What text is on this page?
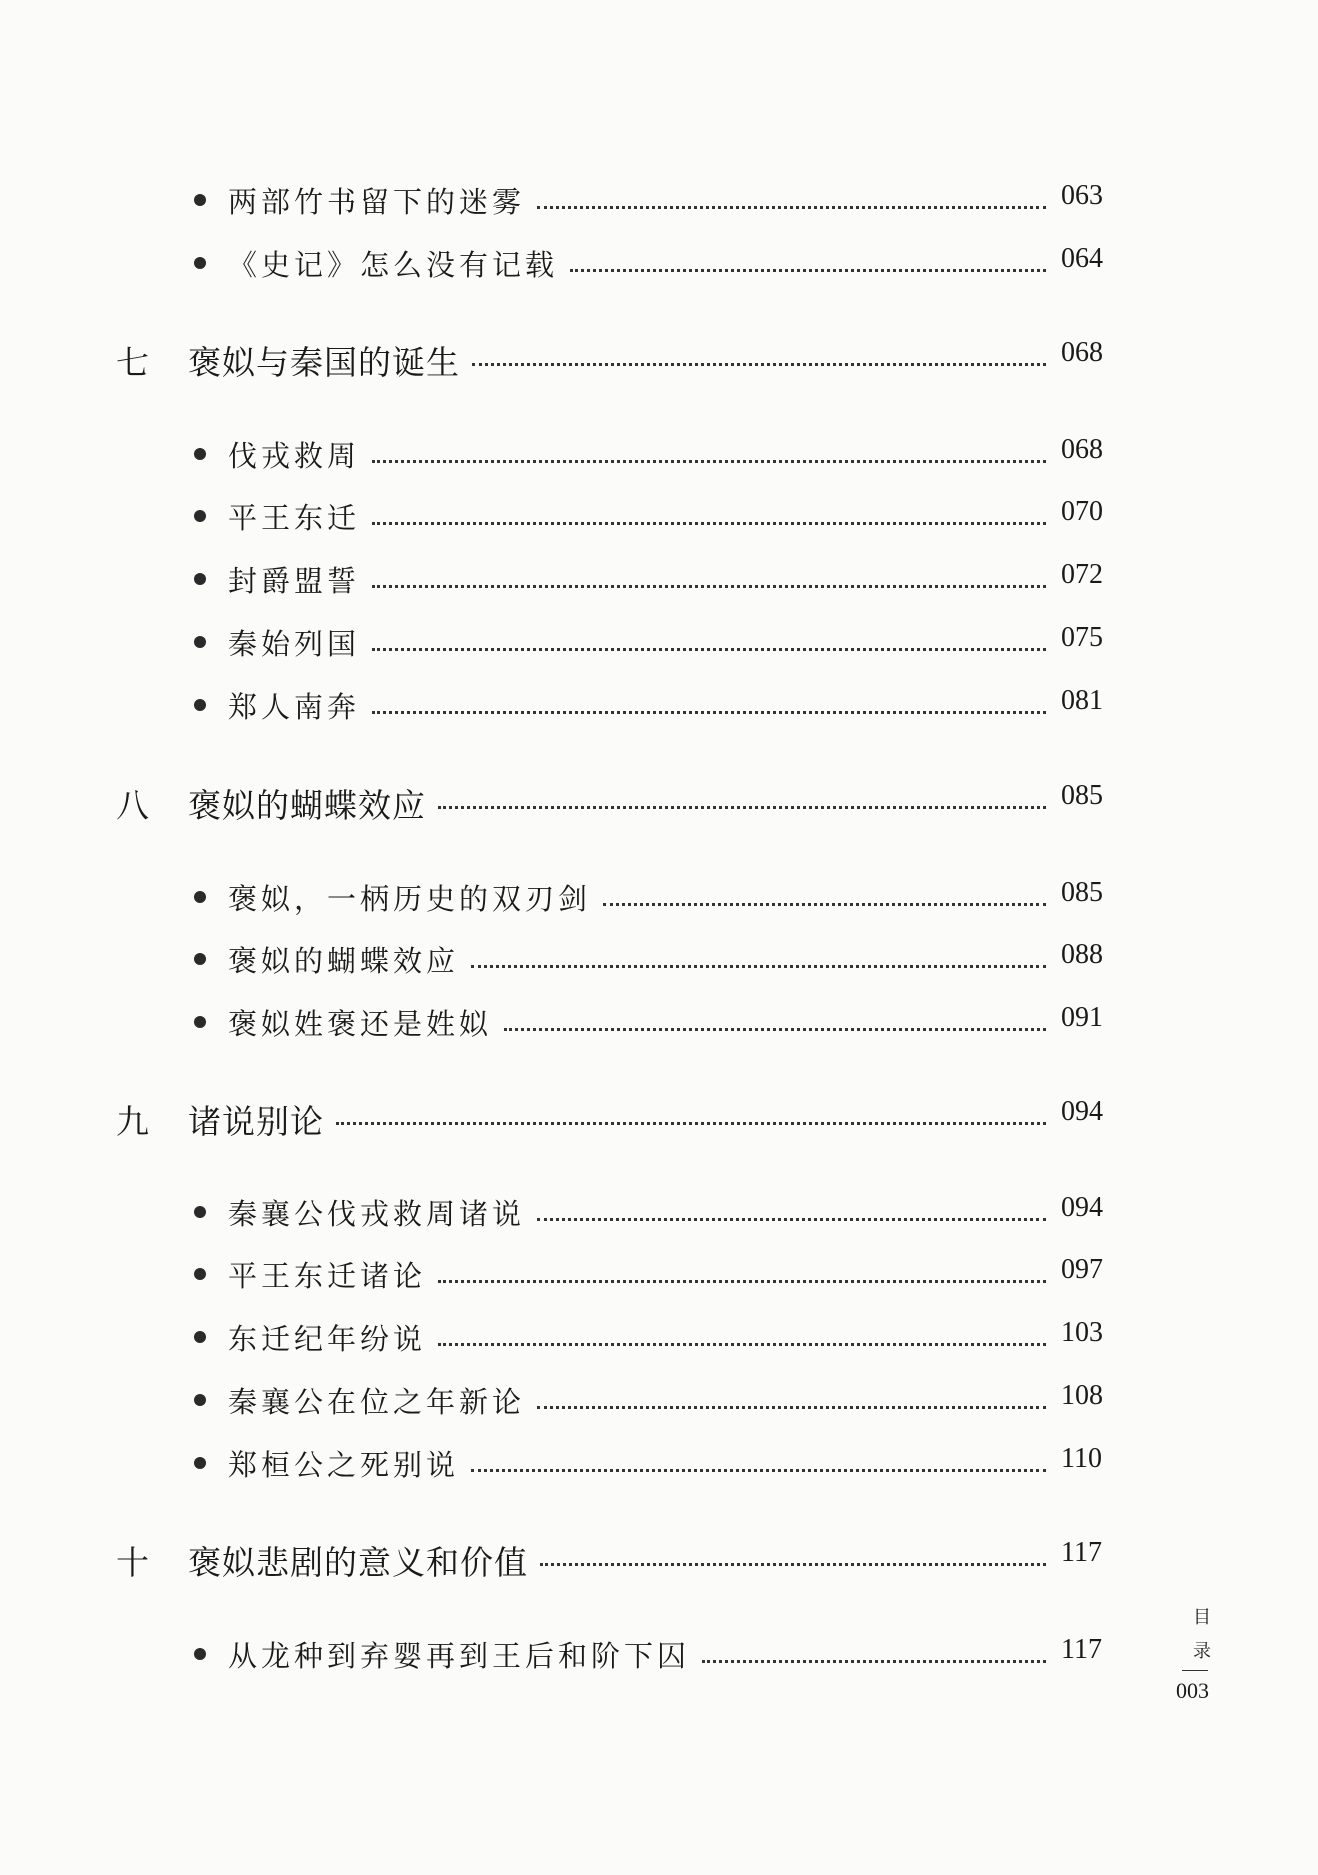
两部竹书留下的迷雾	063
《史记》怎么没有记载	064
七	褒姒与秦国的诞生	068
伐戎救周	068
平王东迁	070
封爵盟誓	072
秦始列国	075
郑人南奔	081
八	褒姒的蝴蝶效应	085
褒姒，一柄历史的双刃剑	085
褒姒的蝴蝶效应	088
褒姒姓褒还是姓姒	091
九	诸说别论	094
秦襄公伐戎救周诸说	094
平王东迁诸论	097
东迁纪年纷说	103
秦襄公在位之年新论	108
郑桓公之死别说	110
十	褒姒悲剧的意义和价值	117
从龙种到弃婴再到王后和阶下囚	117
目
录
003
